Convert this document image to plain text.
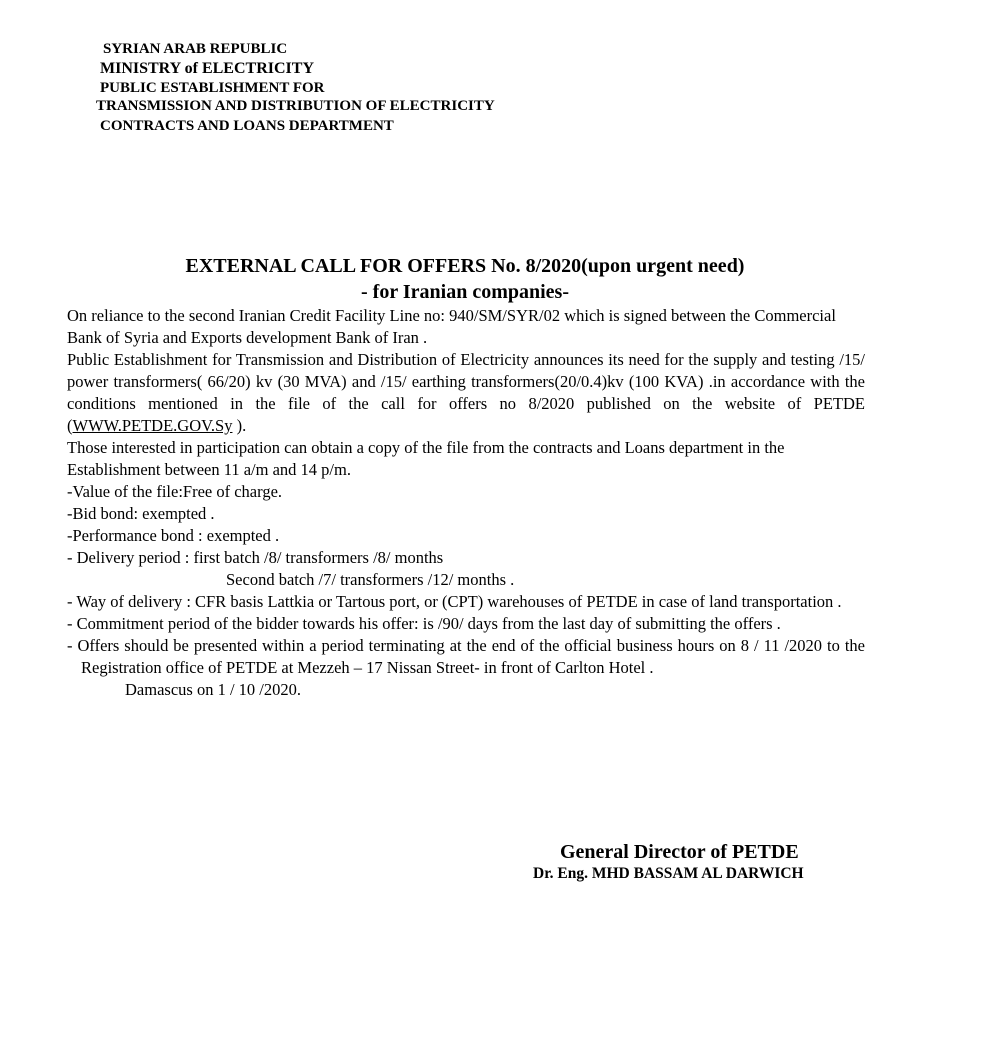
SYRIAN ARAB REPUBLIC
MINISTRY of ELECTRICITY
PUBLIC ESTABLISHMENT FOR
TRANSMISSION AND DISTRIBUTION OF ELECTRICITY
CONTRACTS AND LOANS DEPARTMENT
EXTERNAL CALL FOR OFFERS No. 8/2020(upon urgent need)
- for Iranian companies-

On reliance to the second Iranian Credit Facility Line no: 940/SM/SYR/02 which is signed between the Commercial Bank of Syria and Exports development Bank of Iran .

Public Establishment for Transmission and Distribution of Electricity announces its need for the supply and testing /15/ power transformers( 66/20) kv (30 MVA) and /15/ earthing transformers(20/0.4)kv (100 KVA) .in accordance with the conditions mentioned in the file of the call for offers no 8/2020 published on the website of PETDE (WWW.PETDE.GOV.Sy ).

Those interested in participation can obtain a copy of the file from the contracts and Loans department in the Establishment between 11 a/m and 14 p/m.

-Value of the file:Free of charge.

-Bid bond: exempted .

-Performance bond : exempted .

- Delivery period : first batch /8/ transformers /8/ months

Second batch /7/ transformers /12/ months .

- Way of delivery : CFR basis Lattkia or Tartous port, or (CPT) warehouses of PETDE in case of land transportation .

- Commitment period of the bidder towards his offer: is /90/ days from the last day of submitting the offers .

- Offers should be presented within a period terminating at the end of the official business hours on 8 / 11 /2020 to the Registration office of PETDE at Mezzeh – 17 Nissan Street- in front of Carlton Hotel .

Damascus on 1 / 10 /2020.

General Director of PETDE
Dr. Eng. MHD BASSAM AL DARWICH
